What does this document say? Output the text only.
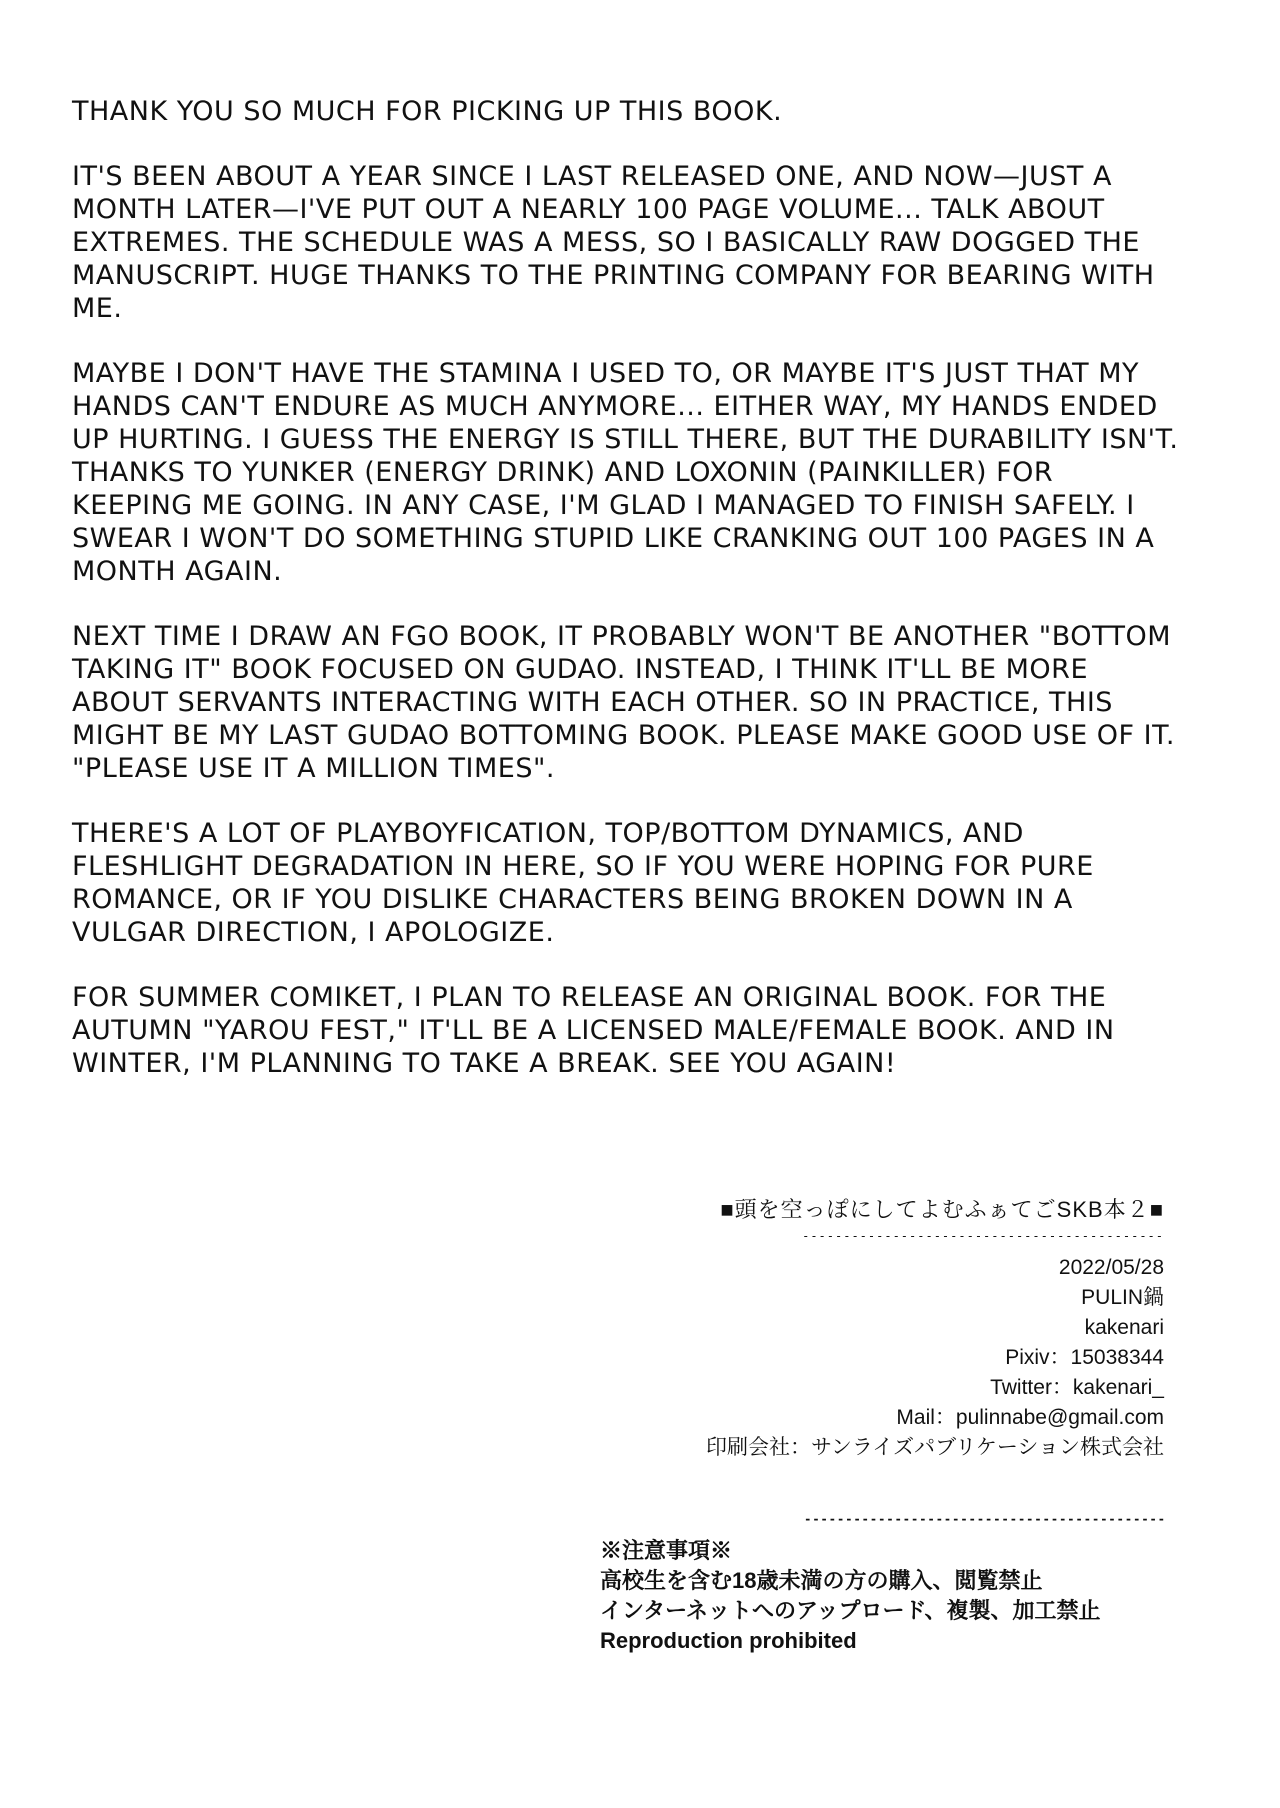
THANK YOU SO MUCH FOR PICKING UP THIS BOOK.

IT'S BEEN ABOUT A YEAR SINCE I LAST RELEASED ONE, AND NOW—JUST A MONTH LATER—I'VE PUT OUT A NEARLY 100 PAGE VOLUME... TALK ABOUT EXTREMES. THE SCHEDULE WAS A MESS, SO I BASICALLY RAW DOGGED THE MANUSCRIPT. HUGE THANKS TO THE PRINTING COMPANY FOR BEARING WITH ME.

MAYBE I DON'T HAVE THE STAMINA I USED TO, OR MAYBE IT'S JUST THAT MY HANDS CAN'T ENDURE AS MUCH ANYMORE... EITHER WAY, MY HANDS ENDED UP HURTING. I GUESS THE ENERGY IS STILL THERE, BUT THE DURABILITY ISN'T. THANKS TO YUNKER (ENERGY DRINK) AND LOXONIN (PAINKILLER) FOR KEEPING ME GOING. IN ANY CASE, I'M GLAD I MANAGED TO FINISH SAFELY. I SWEAR I WON'T DO SOMETHING STUPID LIKE CRANKING OUT 100 PAGES IN A MONTH AGAIN.

NEXT TIME I DRAW AN FGO BOOK, IT PROBABLY WON'T BE ANOTHER "BOTTOM TAKING IT" BOOK FOCUSED ON GUDAO. INSTEAD, I THINK IT'LL BE MORE ABOUT SERVANTS INTERACTING WITH EACH OTHER. SO IN PRACTICE, THIS MIGHT BE MY LAST GUDAO BOTTOMING BOOK. PLEASE MAKE GOOD USE OF IT. "PLEASE USE IT A MILLION TIMES".

THERE'S A LOT OF PLAYBOYFICATION, TOP/BOTTOM DYNAMICS, AND FLESHLIGHT DEGRADATION IN HERE, SO IF YOU WERE HOPING FOR PURE ROMANCE, OR IF YOU DISLIKE CHARACTERS BEING BROKEN DOWN IN A VULGAR DIRECTION, I APOLOGIZE.

FOR SUMMER COMIKET, I PLAN TO RELEASE AN ORIGINAL BOOK. FOR THE AUTUMN "YAROU FEST," IT'LL BE A LICENSED MALE/FEMALE BOOK. AND IN WINTER, I'M PLANNING TO TAKE A BREAK. SEE YOU AGAIN!

■頭を空っぽにしてよむふぁてごSKB本２■
--------------------------------------------
2022/05/28
PULIN鍋
kakenari
Pixiv：15038344
Twitter：kakenari_
Mail：pulinnabe@gmail.com
印刷会社：サンライズパブリケーション株式会社
--------------------------------------------
※注意事項※
高校生を含む18歳未満の方の購入、閲覧禁止
インターネットへのアップロード、複製、加工禁止
Reproduction prohibited
